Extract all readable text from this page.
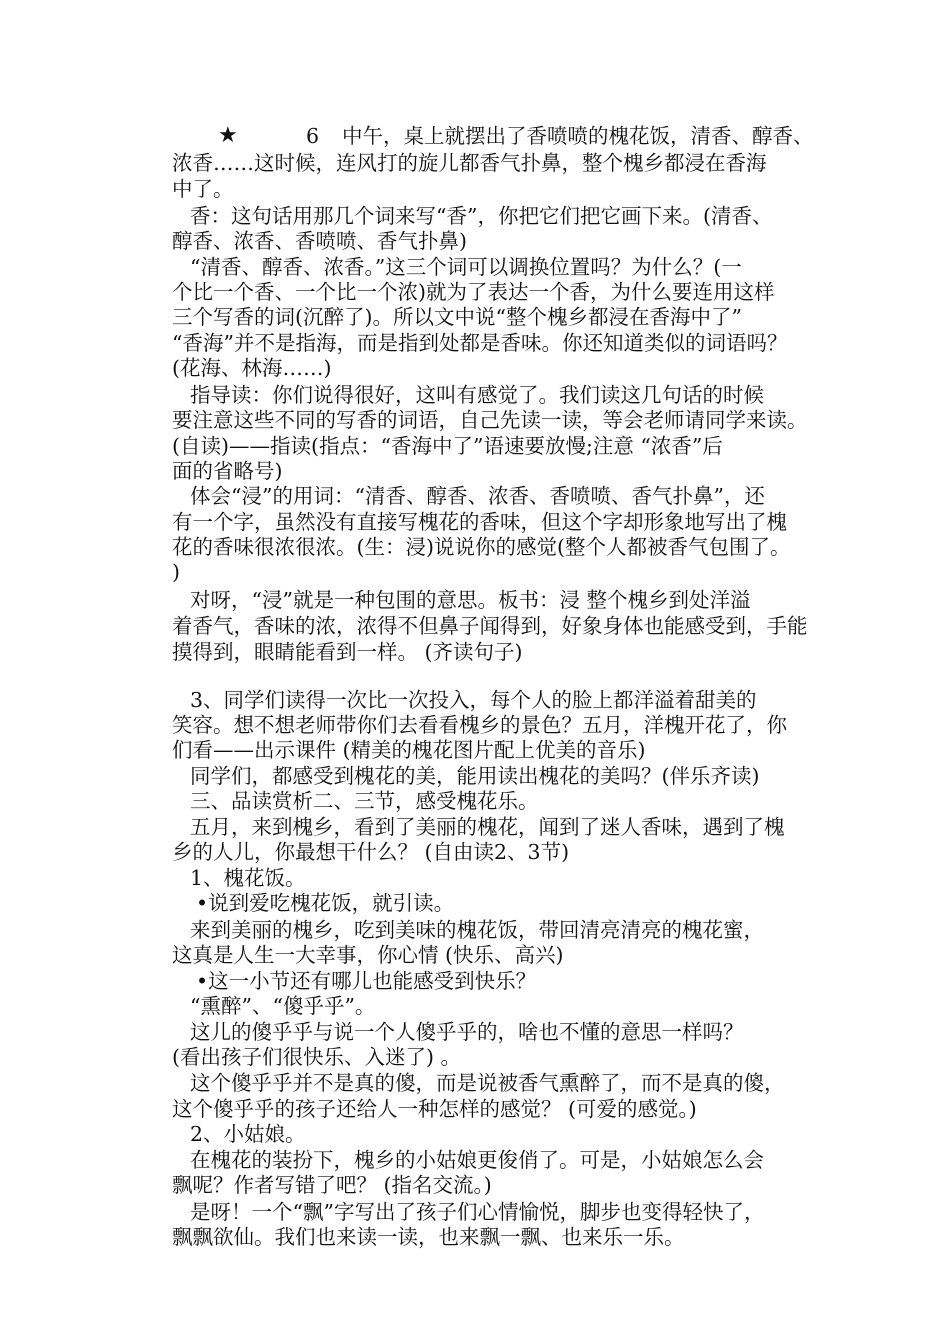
★	6 中午，桌上就摆出了香喷喷的槐花饭，清香、醇香、
浓香……这时候，连风打的旋儿都香气扑鼻，整个槐乡都浸在香海
中了。
香：这句话用那几个词来写“香”，你把它们把它画下来。(清香、
醇香、浓香、香喷喷、香气扑鼻)
“清香、醇香、浓香。”这三个词可以调换位置吗？为什么？(一
个比一个香、一个比一个浓)就为了表达一个香，为什么要连用这样
三个写香的词(沉醉了)。所以文中说“整个槐乡都浸在香海中了”
“香海”并不是指海，而是指到处都是香味。你还知道类似的词语吗？
(花海、林海……)
指导读：你们说得很好，这叫有感觉了。我们读这几句话的时候
要注意这些不同的写香的词语，自己先读一读，等会老师请同学来读。
(自读)——指读(指点：“香海中了”语速要放慢;注意 “浓香”后
面的省略号)
体会“浸”的用词：“清香、醇香、浓香、香喷喷、香气扑鼻”，还
有一个字，虽然没有直接写槐花的香味，但这个字却形象地写出了槐
花的香味很浓很浓。(生：浸)说说你的感觉(整个人都被香气包围了。
)
对呀，“浸”就是一种包围的意思。板书：浸 整个槐乡到处洋溢
着香气，香味的浓，浓得不但鼻子闻得到，好象身体也能感受到，手能
摸得到，眼睛能看到一样。 (齐读句子)
3、同学们读得一次比一次投入，每个人的脸上都洋溢着甜美的
笑容。想不想老师带你们去看看槐乡的景色？五月，洋槐开花了，你
们看——出示课件 (精美的槐花图片配上优美的音乐)
同学们，都感受到槐花的美，能用读出槐花的美吗？(伴乐齐读)
三、品读赏析二、三节，感受槐花乐。
五月，来到槐乡，看到了美丽的槐花，闻到了迷人香味，遇到了槐
乡的人儿，你最想干什么？ (自由读2、3节)
1、槐花饭。
•说到爱吃槐花饭，就引读。
来到美丽的槐乡，吃到美味的槐花饭，带回清亮清亮的槐花蜜，
这真是人生一大幸事，你心情 (快乐、高兴)
•这一小节还有哪儿也能感受到快乐？
“熏醉”、“傻乎乎”。
这儿的傻乎乎与说一个人傻乎乎的，啥也不懂的意思一样吗？
(看出孩子们很快乐、入迷了) 。
这个傻乎乎并不是真的傻，而是说被香气熏醉了，而不是真的傻，
这个傻乎乎的孩子还给人一种怎样的感觉？ (可爱的感觉。)
2、小姑娘。
在槐花的装扮下，槐乡的小姑娘更俊俏了。可是，小姑娘怎么会
飘呢？作者写错了吧？ (指名交流。)
是呀！一个“飘”字写出了孩子们心情愉悦，脚步也变得轻快了，
飘飘欲仙。我们也来读一读，也来飘一飘、也来乐一乐。
